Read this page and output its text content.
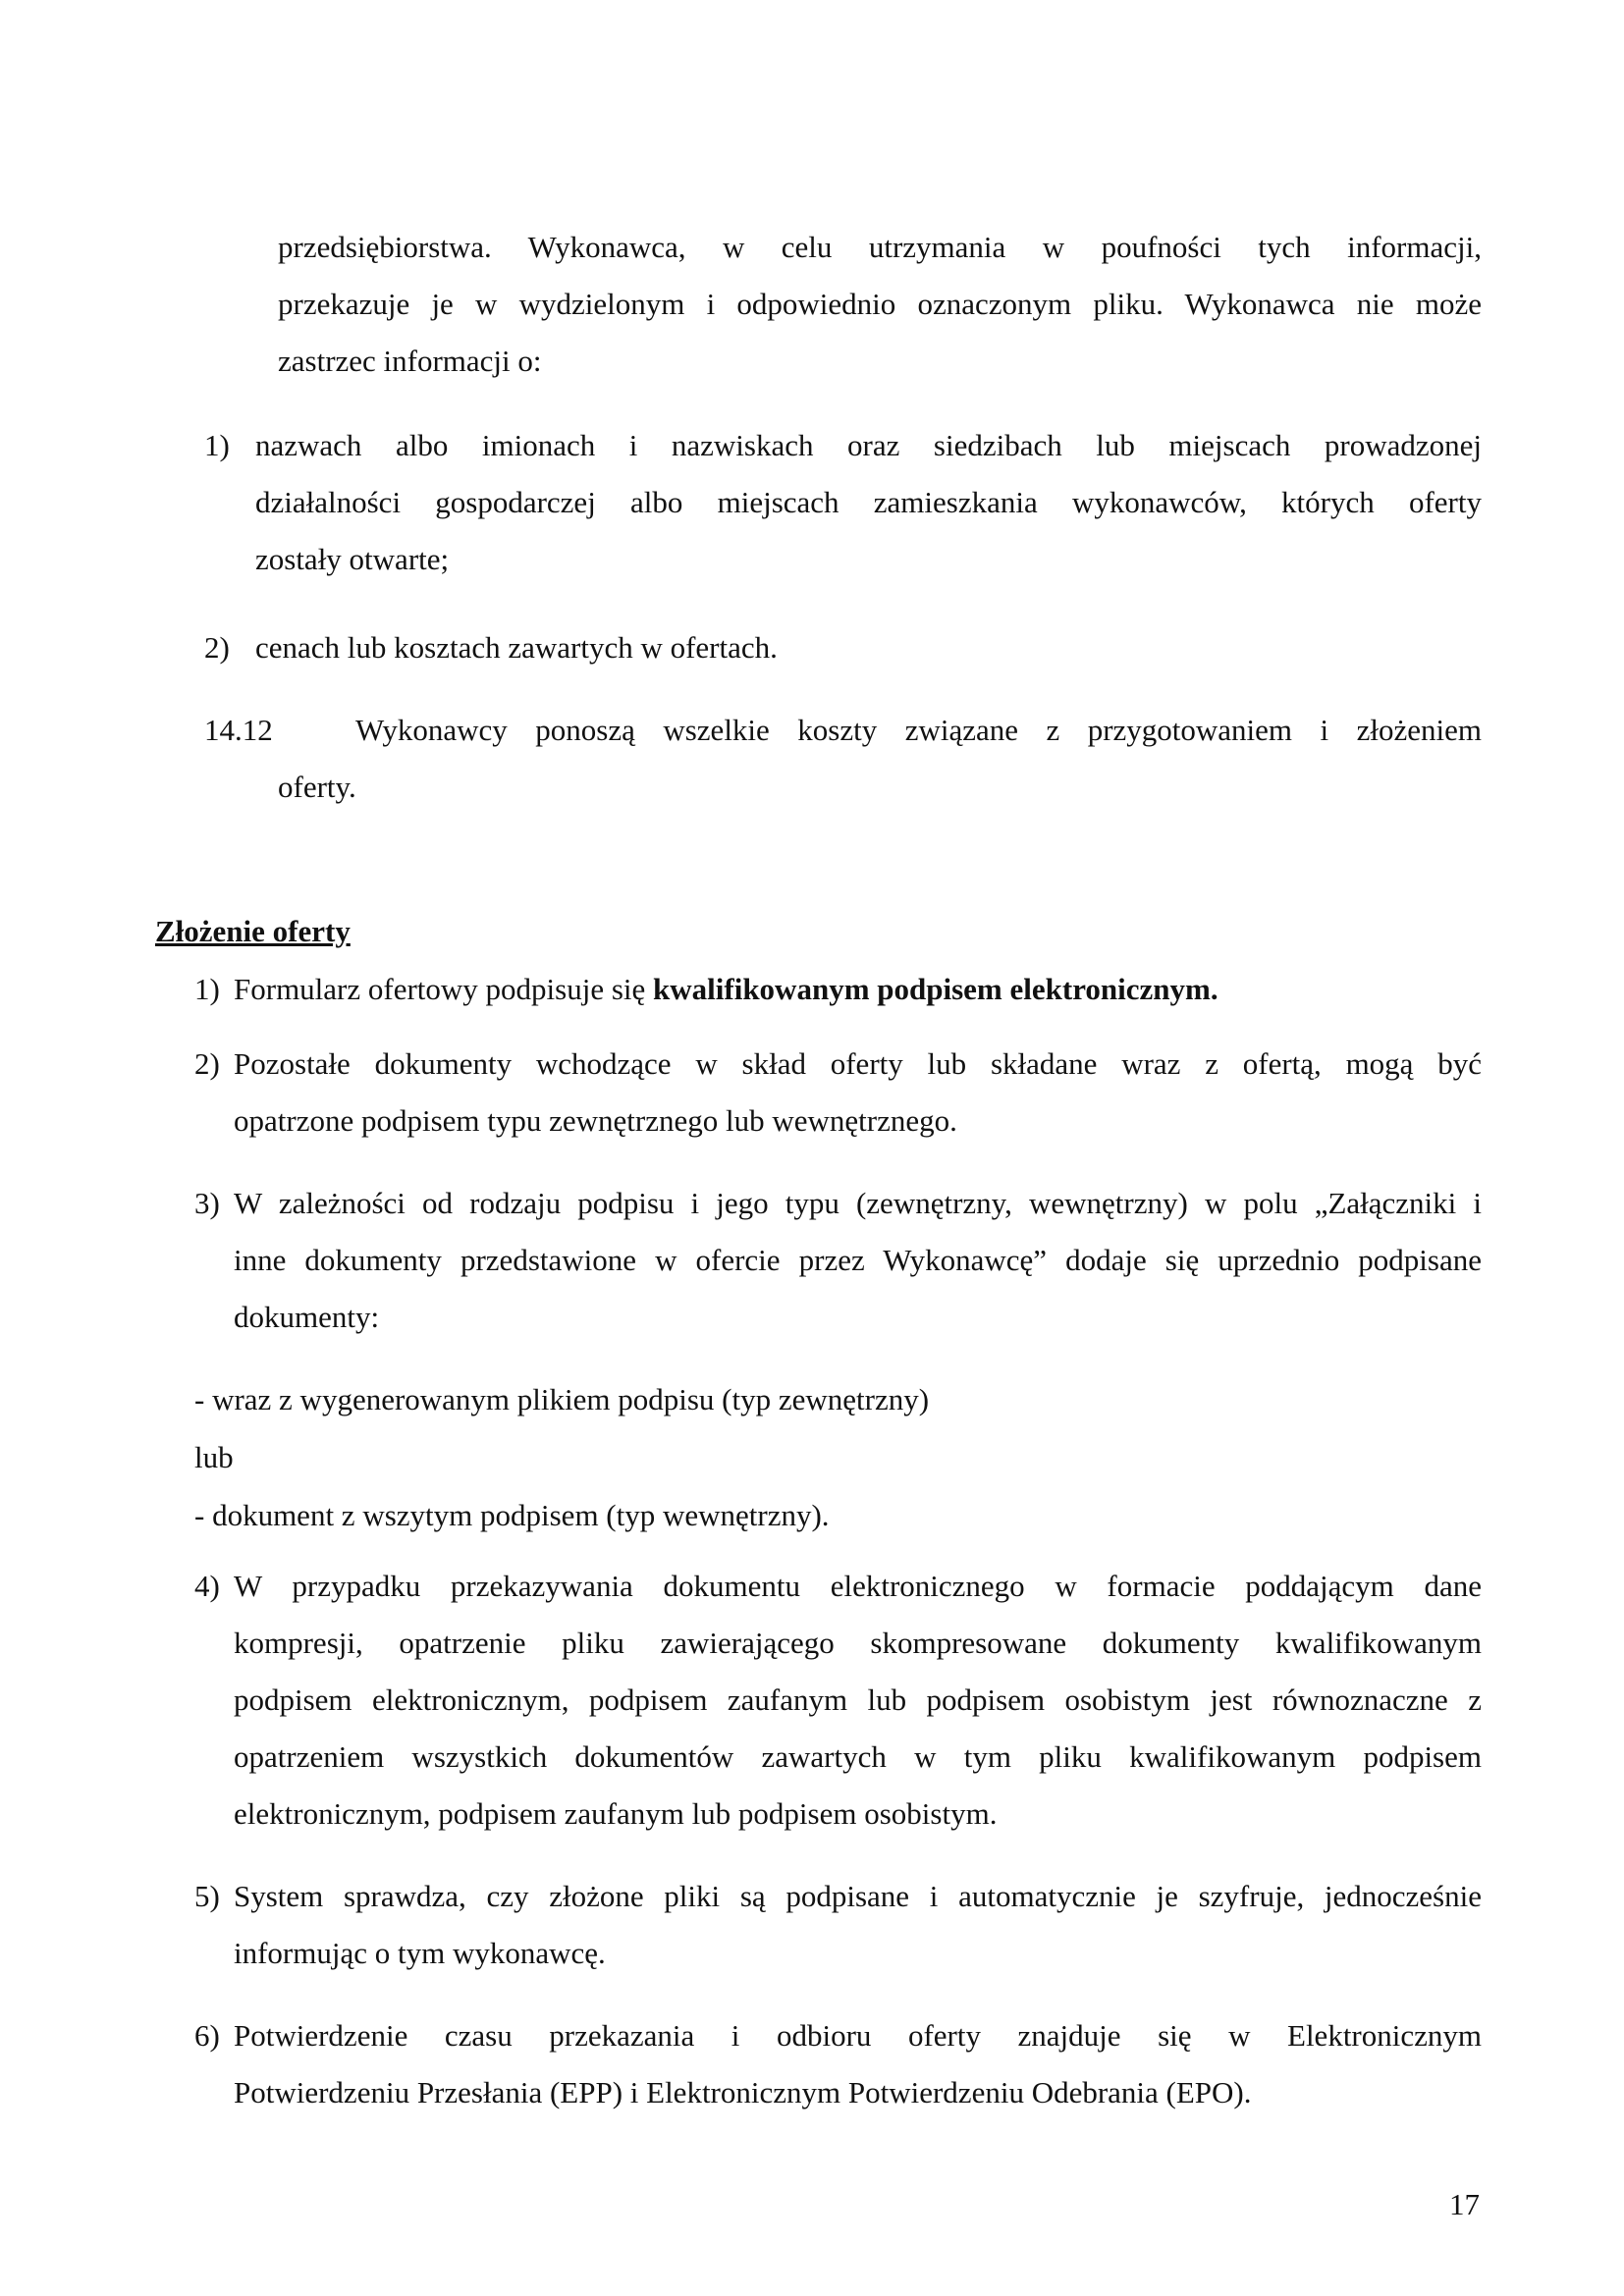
przedsiębiorstwa. Wykonawca, w celu utrzymania w poufności tych informacji,
przekazuje je w wydzielonym i odpowiednio oznaczonym pliku. Wykonawca nie może
zastrzec informacji o:
1) nazwach albo imionach i nazwiskach oraz siedzibach lub miejscach prowadzonej
działalności gospodarczej albo miejscach zamieszkania wykonawców, których oferty
zostały otwarte;
2) cenach lub kosztach zawartych w ofertach.
14.12	Wykonawcy ponoszą wszelkie koszty związane z przygotowaniem i złożeniem
oferty.
Złożenie oferty
1) Formularz ofertowy podpisuje się kwalifikowanym podpisem elektronicznym.
2) Pozostałe dokumenty wchodzące w skład oferty lub składane wraz z ofertą, mogą być
opatrzone podpisem typu zewnętrznego lub wewnętrznego.
3) W zależności od rodzaju podpisu i jego typu (zewnętrzny, wewnętrzny) w polu „Załączniki i
inne dokumenty przedstawione w ofercie przez Wykonawcę” dodaje się uprzednio podpisane
dokumenty:
- wraz z wygenerowanym plikiem podpisu (typ zewnętrzny)
lub
- dokument z wszytym podpisem (typ wewnętrzny).
4) W przypadku przekazywania dokumentu elektronicznego w formacie poddającym dane
kompresji, opatrzenie pliku zawierającego skompresowane dokumenty kwalifikowanym
podpisem elektronicznym, podpisem zaufanym lub podpisem osobistym jest równoznaczne z
opatrzeniem wszystkich dokumentów zawartych w tym pliku kwalifikowanym podpisem
elektronicznym, podpisem zaufanym lub podpisem osobistym.
5) System sprawdza, czy złożone pliki są podpisane i automatycznie je szyfruje, jednocześnie
informując o tym wykonawcę.
6) Potwierdzenie czasu przekazania i odbioru oferty znajduje się w Elektronicznym
Potwierdzeniu Przesłania (EPP) i Elektronicznym Potwierdzeniu Odebrania (EPO).
17
